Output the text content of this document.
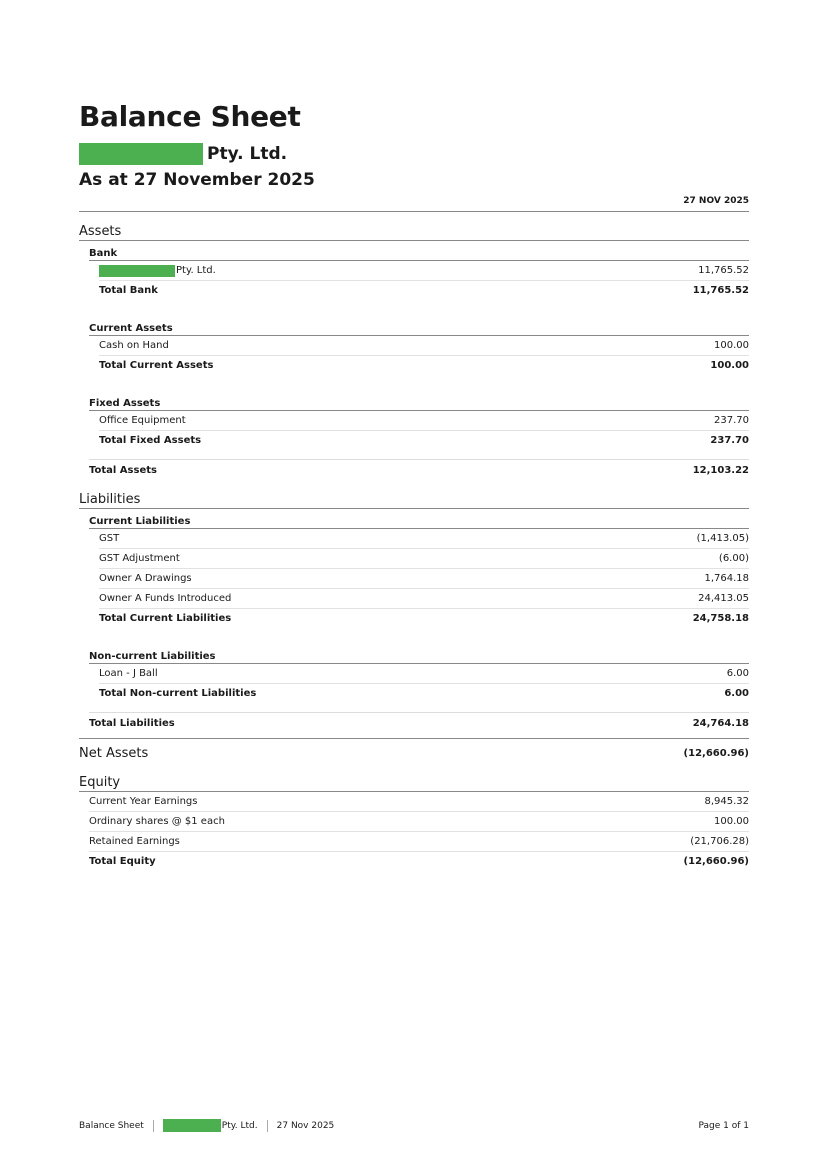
Balance Sheet
Pty. Ltd.
As at 27 November 2025
27 NOV 2025
Assets
Bank
Pty. Ltd.	11,765.52
Total Bank	11,765.52
Current Assets
Cash on Hand	100.00
Total Current Assets	100.00
Fixed Assets
Office Equipment	237.70
Total Fixed Assets	237.70
Total Assets	12,103.22
Liabilities
Current Liabilities
GST	(1,413.05)
GST Adjustment	(6.00)
Owner A Drawings	1,764.18
Owner A Funds Introduced	24,413.05
Total Current Liabilities	24,758.18
Non-current Liabilities
Loan - J Ball	6.00
Total Non-current Liabilities	6.00
Total Liabilities	24,764.18
Net Assets	(12,660.96)
Equity
Current Year Earnings	8,945.32
Ordinary shares @ $1 each	100.00
Retained Earnings	(21,706.28)
Total Equity	(12,660.96)
Balance Sheet	Pty. Ltd. 27 Nov 2025	Page 1 of 1
